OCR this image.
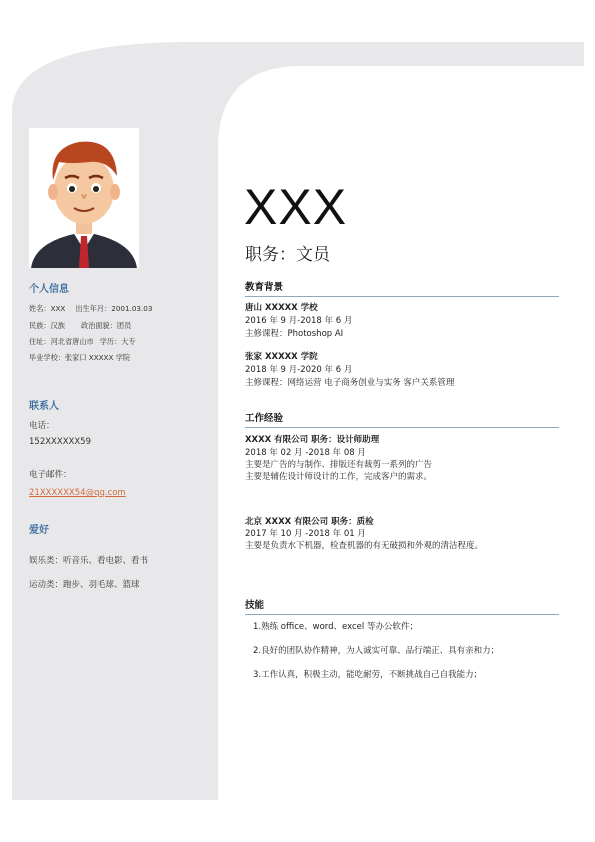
个人信息
姓名：XXX 出生年月：2001.03.03
民族：汉族 政治面貌：团员
住址：河北省唐山市 学历：大专
毕业学校：张家口 XXXXX 学院
联系人
电话：
152XXXXXX59
电子邮件：
21XXXXXX54@qq.com
爱好
娱乐类：听音乐、看电影、看书
运动类：跑步、羽毛球、篮球
XXX
职务：文员
教育背景
唐山 XXXXX 学校
2016 年 9 月-2018 年 6 月
主修课程：Photoshop AI
张家 XXXXX 学院
2018 年 9 月-2020 年 6 月
主修课程：网络运营 电子商务创业与实务 客户关系管理
工作经验
XXXX 有限公司 职务：设计师助理
2018 年 02 月 -2018 年 08 月
主要是广告的与制作、排版还有裁剪一系列的广告
主要是辅佐设计师设计的工作，完成客户的需求。
北京 XXXX 有限公司 职务：质检
2017 年 10 月 -2018 年 01 月
主要是负责水下机器，检查机器的有无破损和外观的清洁程度。
技能
1.熟练 office、word、excel 等办公软件；
2.良好的团队协作精神，为人诚实可靠、品行端正、具有亲和力；
3.工作认真，积极主动，能吃耐劳，不断挑战自己自我能力；
